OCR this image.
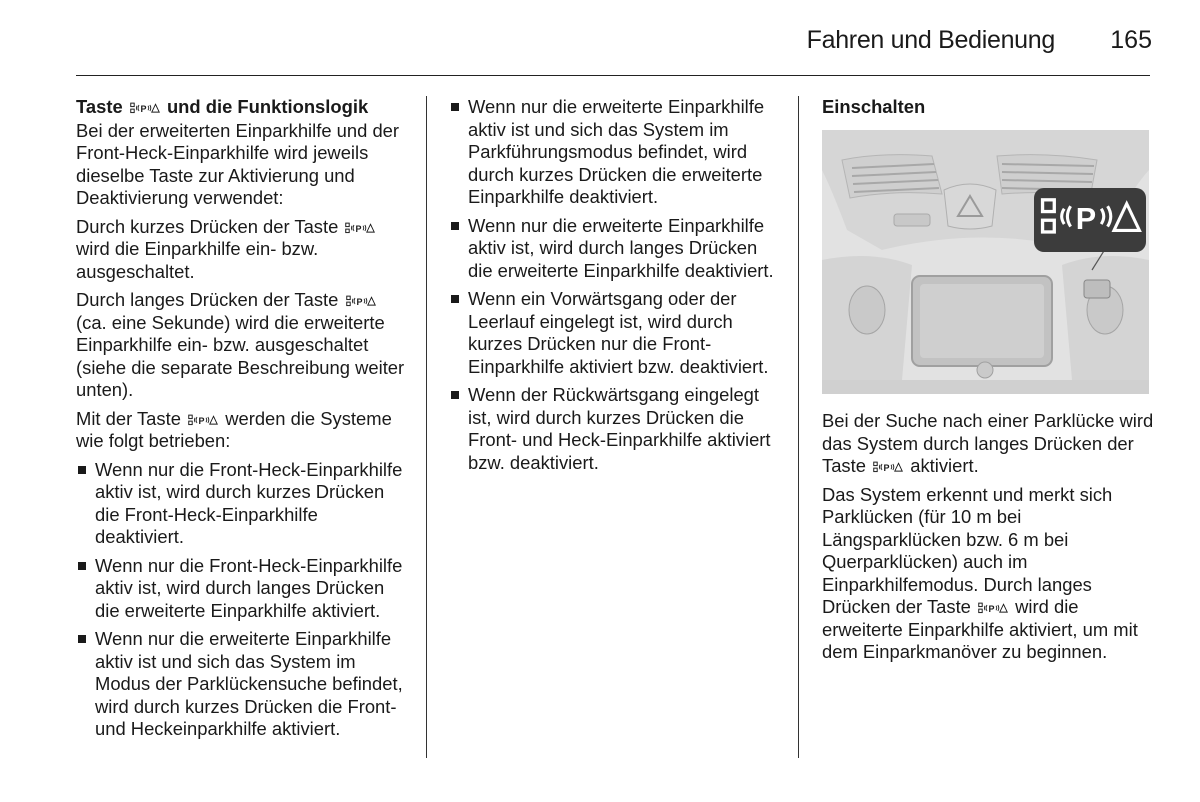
Fahren und Bedienung 165
Taste und die Funktionslogik

Bei der erweiterten Einparkhilfe und der Front-Heck-Einparkhilfe wird jeweils dieselbe Taste zur Aktivierung und Deaktivierung verwendet:

Durch kurzes Drücken der Taste  wird die Einparkhilfe ein- bzw. ausgeschaltet.

Durch langes Drücken der Taste  (ca. eine Sekunde) wird die erweiterte Einparkhilfe ein- bzw. ausgeschaltet (siehe die separate Beschreibung weiter unten).

Mit der Taste werden die Systeme wie folgt betrieben:

Wenn nur die Front-Heck-Einparkhilfe aktiv ist, wird durch kurzes Drücken die Front-Heck-Einparkhilfe deaktiviert.
Wenn nur die Front-Heck-Einparkhilfe aktiv ist, wird durch langes Drücken die erweiterte Einparkhilfe aktiviert.
Wenn nur die erweiterte Einparkhilfe aktiv ist und sich das System im Modus der Parklückensuche befindet, wird durch kurzes Drücken die Front- und Heckeinparkhilfe aktiviert.
Wenn nur die erweiterte Einparkhilfe aktiv ist und sich das System im Parkführungsmodus befindet, wird durch kurzes Drücken die erweiterte Einparkhilfe deaktiviert.
Wenn nur die erweiterte Einparkhilfe aktiv ist, wird durch langes Drücken die erweiterte Einparkhilfe deaktiviert.
Wenn ein Vorwärtsgang oder der Leerlauf eingelegt ist, wird durch kurzes Drücken nur die Front-Einparkhilfe aktiviert bzw. deaktiviert.
Wenn der Rückwärtsgang eingelegt ist, wird durch kurzes Drücken die Front- und Heck-Einparkhilfe aktiviert bzw. deaktiviert.
Einschalten
P

Bei der Suche nach einer Parklücke wird das System durch langes Drücken der Taste aktiviert.

Das System erkennt und merkt sich Parklücken (für 10 m bei Längsparklücken bzw. 6 m bei Querparklücken) auch im Einparkhilfemodus. Durch langes Drücken der Taste wird die erweiterte Einparkhilfe aktiviert, um mit dem Einparkmanöver zu beginnen.
